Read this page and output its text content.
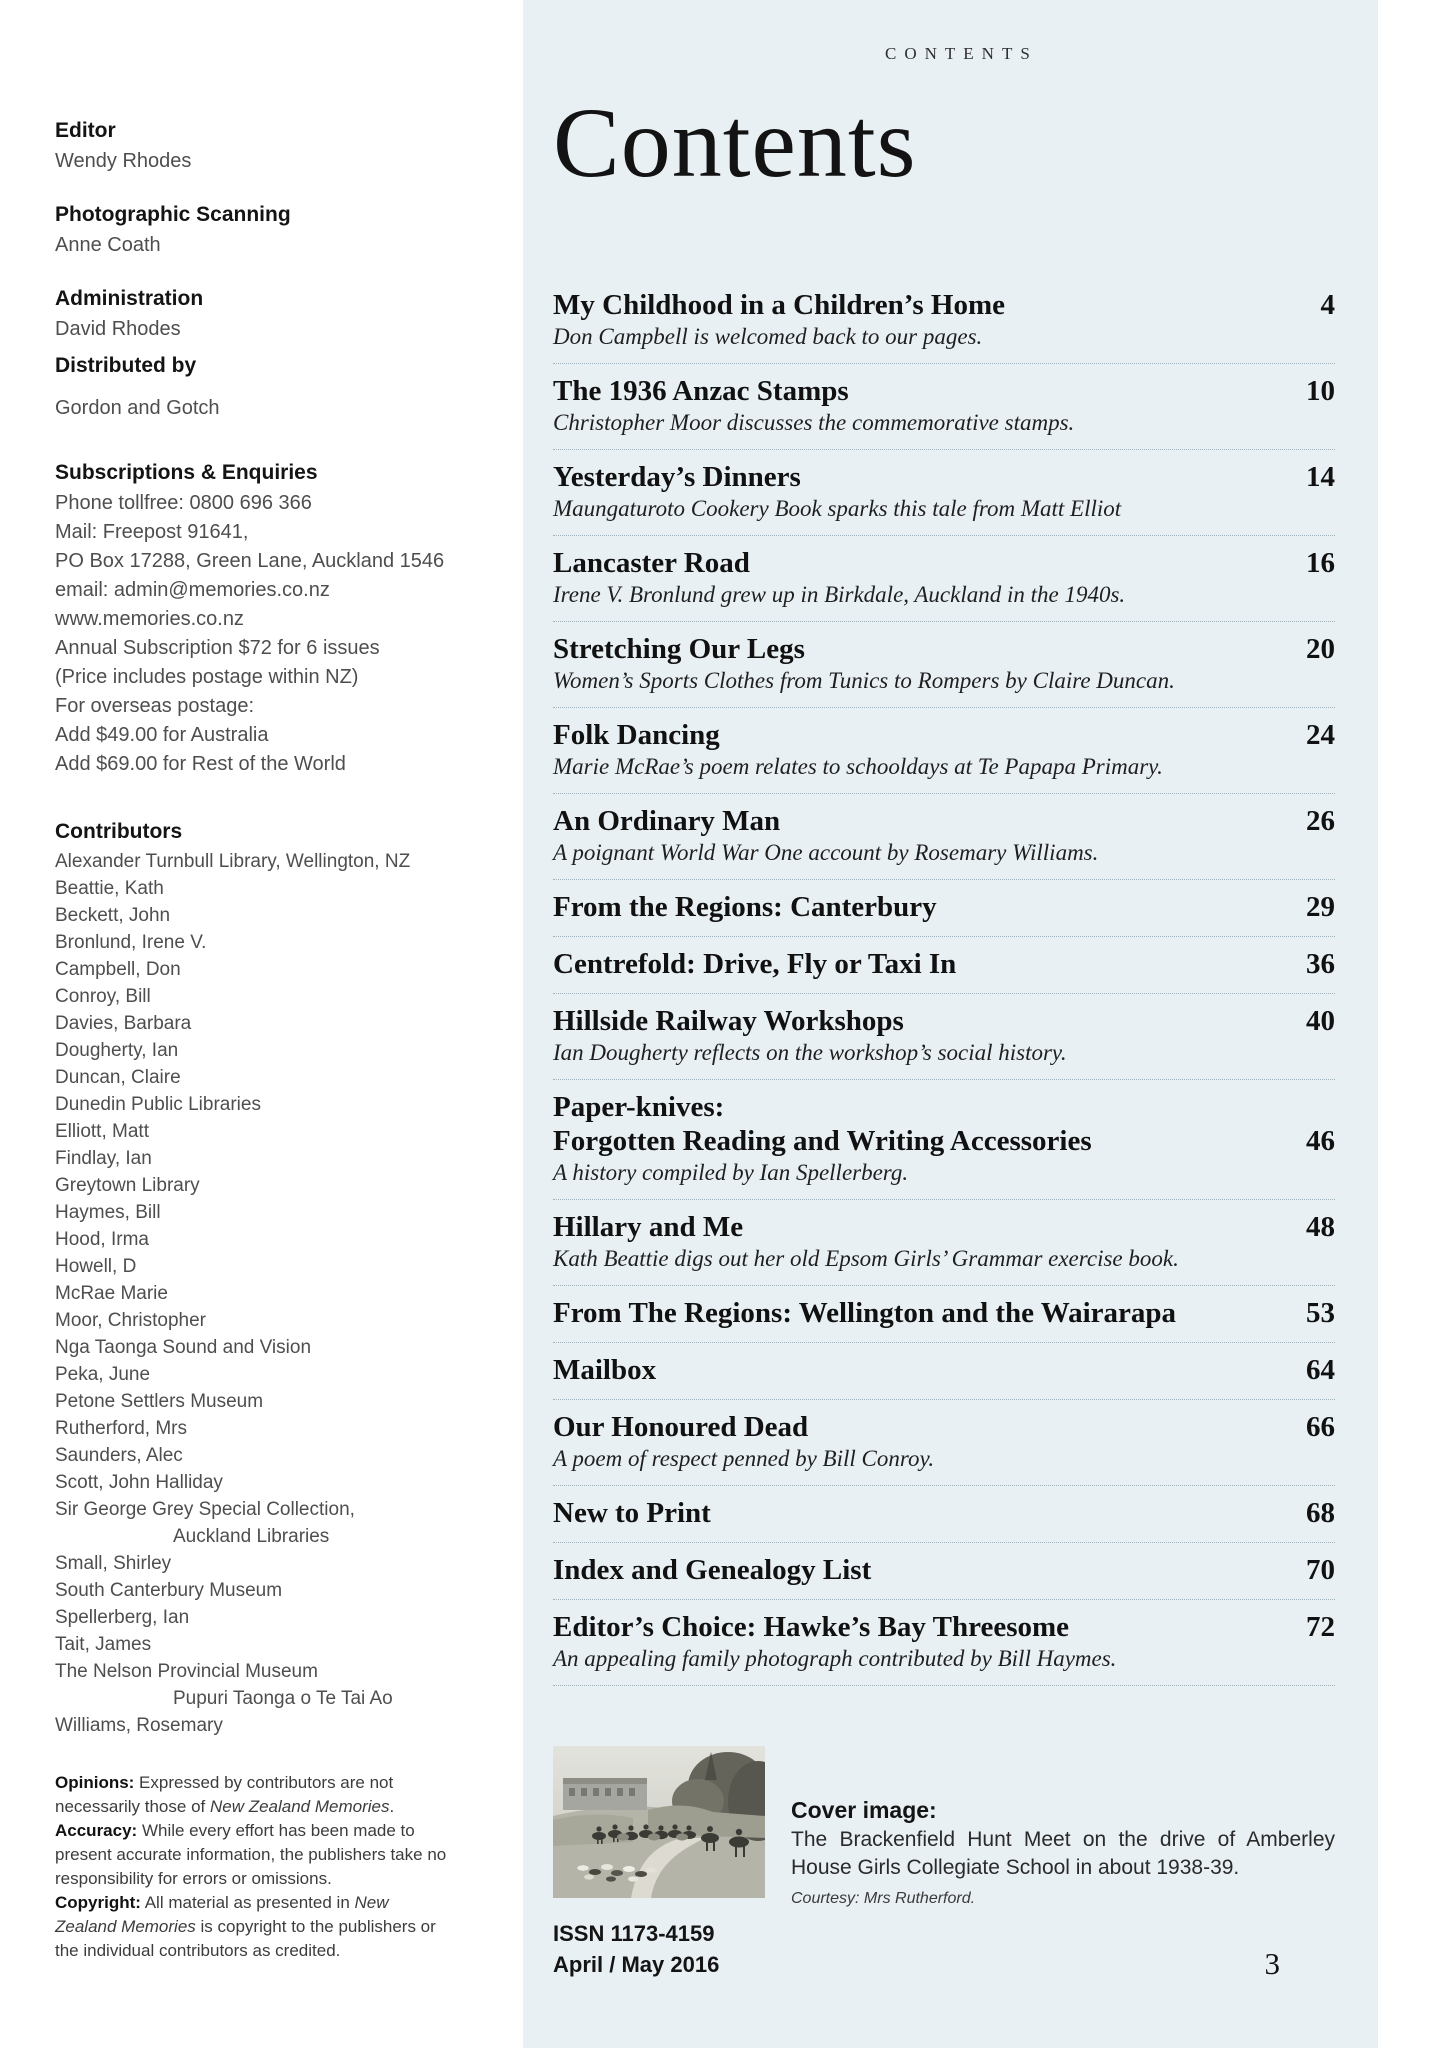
Editor

Wendy Rhodes

Photographic Scanning

Anne Coath

Administration

David Rhodes

Distributed by

Gordon and Gotch

Subscriptions & Enquiries

Phone tollfree: 0800 696 366

Mail: Freepost 91641,

PO Box 17288, Green Lane, Auckland 1546

email: admin@memories.co.nz

www.memories.co.nz

Annual Subscription $72 for 6 issues

(Price includes postage within NZ)

For overseas postage:

Add $49.00 for Australia

Add $69.00 for Rest of the World

Contributors

Alexander Turnbull Library, Wellington, NZ

Beattie, Kath

Beckett, John

Bronlund, Irene V.

Campbell, Don

Conroy, Bill

Davies, Barbara

Dougherty, Ian

Duncan, Claire

Dunedin Public Libraries

Elliott, Matt

Findlay, Ian

Greytown Library

Haymes, Bill

Hood, Irma

Howell, D

McRae Marie

Moor, Christopher

Nga Taonga Sound and Vision

Peka, June

Petone Settlers Museum

Rutherford, Mrs

Saunders, Alec

Scott, John Halliday

Sir George Grey Special Collection,

Auckland Libraries

Small, Shirley

South Canterbury Museum

Spellerberg, Ian

Tait, James

The Nelson Provincial Museum

Pupuri Taonga o Te Tai Ao

Williams, Rosemary

Opinions: Expressed by contributors are not necessarily those of New Zealand Memories.

Accuracy: While every effort has been made to present accurate information, the publishers take no responsibility for errors or omissions.

Copyright: All material as presented in New Zealand Memories is copyright to the publishers or the individual contributors as credited.

CONTENTS
Contents
My Childhood in a Children’s Home	4
Don Campbell is welcomed back to our pages.
The 1936 Anzac Stamps	10
Christopher Moor discusses the commemorative stamps.
Yesterday’s Dinners	14
Maungaturoto Cookery Book sparks this tale from Matt Elliot
Lancaster Road	16
Irene V. Bronlund grew up in Birkdale, Auckland in the 1940s.
Stretching Our Legs	20
Women’s Sports Clothes from Tunics to Rompers by Claire Duncan.
Folk Dancing	24
Marie McRae’s poem relates to schooldays at Te Papapa Primary.
An Ordinary Man	26
A poignant World War One account by Rosemary Williams.
From the Regions: Canterbury	29
Centrefold: Drive, Fly or Taxi In	36
Hillside Railway Workshops	40
Ian Dougherty reflects on the workshop’s social history.
Paper-knives:
Forgotten Reading and Writing Accessories	46
A history compiled by Ian Spellerberg.
Hillary and Me	48
Kath Beattie digs out her old Epsom Girls’ Grammar exercise book.
From The Regions: Wellington and the Wairarapa	53
Mailbox	64
Our Honoured Dead	66
A poem of respect penned by Bill Conroy.
New to Print	68
Index and Genealogy List	70
Editor’s Choice: Hawke’s Bay Threesome	72
An appealing family photograph contributed by Bill Haymes.

ISSN 1173-4159

April / May 2016

Cover image:

The Brackenfield Hunt Meet on the drive of Amberley House Girls Collegiate School in about 1938-39.

Courtesy: Mrs Rutherford.

3
